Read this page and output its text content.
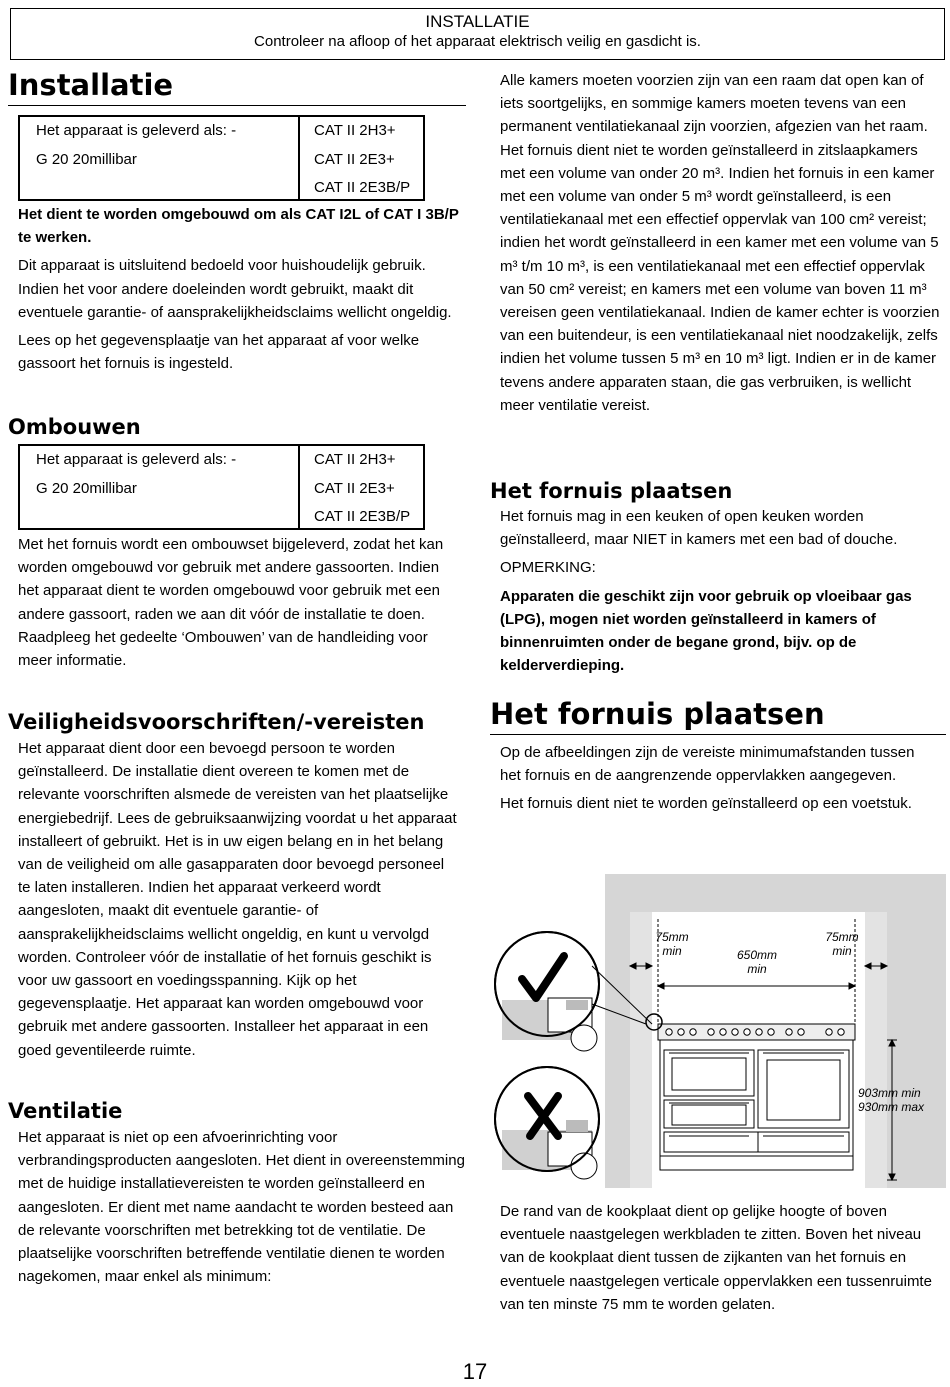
INSTALLATIE
Controleer na afloop of het apparaat elektrisch veilig en gasdicht is.
Installatie
Het apparaat is geleverd als: -
G 20 20millibar
CAT II 2H3+
CAT II 2E3+
CAT II 2E3B/P

Het dient te worden omgebouwd om als CAT I2L of CAT I 3B/P te werken.

Dit apparaat is uitsluitend bedoeld voor huishoudelijk gebruik. Indien het voor andere doeleinden wordt gebruikt, maakt dit eventuele garantie- of aansprakelijkheidsclaims wellicht ongeldig.

Lees op het gegevensplaatje van het apparaat af voor welke gassoort het fornuis is ingesteld.

Ombouwen
Het apparaat is geleverd als: -
G 20 20millibar
CAT II 2H3+
CAT II 2E3+
CAT II 2E3B/P

Met het fornuis wordt een ombouwset bijgeleverd, zodat het kan worden omgebouwd vor gebruik met andere gassoorten. Indien het apparaat dient te worden omgebouwd voor gebruik met een andere gassoort, raden we aan dit vóór de installatie te doen. Raadpleeg het gedeelte ‘Ombouwen’ van de handleiding voor meer informatie.

Veiligheidsvoorschriften/-vereisten

Het apparaat dient door een bevoegd persoon te worden geïnstalleerd. De installatie dient overeen te komen met de relevante voorschriften alsmede de vereisten van het plaatselijke energiebedrijf. Lees de gebruiksaanwijzing voordat u het apparaat installeert of gebruikt. Het is in uw eigen belang en in het belang van de veiligheid om alle gasapparaten door bevoegd personeel te laten installeren. Indien het apparaat verkeerd wordt aangesloten, maakt dit eventuele garantie- of aansprakelijkheidsclaims wellicht ongeldig, en kunt u vervolgd worden. Controleer vóór de installatie of het fornuis geschikt is voor uw gassoort en voedingsspanning. Kijk op het gegevensplaatje. Het apparaat kan worden omgebouwd voor gebruik met andere gassoorten. Installeer het apparaat in een goed geventileerde ruimte.

Ventilatie

Het apparaat is niet op een afvoerinrichting voor verbrandingsproducten aangesloten. Het dient in overeenstemming met de huidige installatievereisten te worden geïnstalleerd en aangesloten. Er dient met name aandacht te worden besteed aan de relevante voorschriften met betrekking tot de ventilatie. De plaatselijke voorschriften betreffende ventilatie dienen te worden nagekomen, maar enkel als minimum:

Alle kamers moeten voorzien zijn van een raam dat open kan of iets soortgelijks, en sommige kamers moeten tevens van een permanent ventilatiekanaal zijn voorzien, afgezien van het raam. Het fornuis dient niet te worden geïnstalleerd in zitslaapkamers met een volume van onder 20 m³. Indien het fornuis in een kamer met een volume van onder 5 m³ wordt geïnstalleerd, is een ventilatiekanaal met een effectief oppervlak van 100 cm² vereist; indien het wordt geïnstalleerd in een kamer met een volume van 5 m³ t/m 10 m³, is een ventilatiekanaal met een effectief oppervlak van 50 cm² vereist; en kamers met een volume van boven 11 m³ vereisen geen ventilatiekanaal. Indien de kamer echter is voorzien van een buitendeur, is een ventilatiekanaal niet noodzakelijk, zelfs indien het volume tussen 5 m³ en 10 m³ ligt. Indien er in de kamer tevens andere apparaten staan, die gas verbruiken, is wellicht meer ventilatie vereist.

Het fornuis plaatsen

Het fornuis mag in een keuken of open keuken worden geïnstalleerd, maar NIET in kamers met een bad of douche.

OPMERKING:

Apparaten die geschikt zijn voor gebruik op vloeibaar gas (LPG), mogen niet worden geïnstalleerd in kamers of binnenruimten onder de begane grond, bijv. op de kelderverdieping.

Het fornuis plaatsen

Op de afbeeldingen zijn de vereiste minimumafstanden tussen het fornuis en de aangrenzende oppervlakken aangegeven.

Het fornuis dient niet te worden geïnstalleerd op een voetstuk.

75mm
min	650mm
min
75mm
min
903mm min
930mm max

De rand van de kookplaat dient op gelijke hoogte of boven eventuele naastgelegen werkbladen te zitten. Boven het niveau van de kookplaat dient tussen de zijkanten van het fornuis en eventuele naastgelegen verticale oppervlakken een tussenruimte van ten minste 75 mm te worden gelaten.

17
